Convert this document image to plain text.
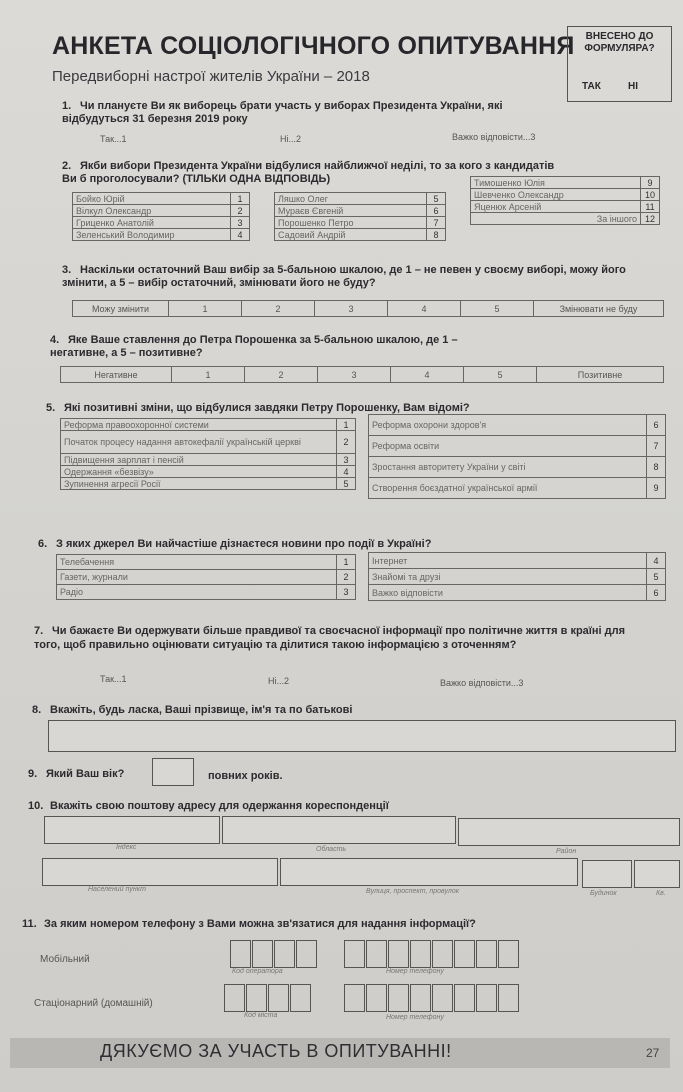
АНКЕТА СОЦІОЛОГІЧНОГО ОПИТУВАННЯ
Передвиборні настрої жителів України – 2018
ВНЕСЕНО ДО ФОРМУЛЯРА?
ТАК	НІ
1. Чи плануєте Ви як виборець брати участь у виборах Президента України, які відбудуться 31 березня 2019 року
Так...1	Ні...2	Важко відповісти...3
2. Якби вибори Президента України відбулися найближчої неділі, то за кого з кандидатів Ви б проголосували? (ТІЛЬКИ ОДНА ВІДПОВІДЬ)
Бойко Юрій	1
Вілкул Олександр	2
Гриценко Анатолій	3
Зеленський Володимир	4
Ляшко Олег	5
Мураєв Євгеній	6
Порошенко Петро	7
Садовий Андрій	8
Тимошенко Юлія	9
Шевченко Олександр	10
Яценюк Арсеній	11
За іншого	12
3. Наскільки остаточний Ваш вибір за 5-бальною шкалою, де 1 – не певен у своєму виборі, можу його змінити, а 5 – вибір остаточний, змінювати його не буду?
Можу змінити	1	2	3	4	5	Змінювати не буду
4. Яке Ваше ставлення до Петра Порошенка за 5-бальною шкалою, де 1 – негативне, а 5 – позитивне?
Негативне	1	2	3	4	5	Позитивне
5. Які позитивні зміни, що відбулися завдяки Петру Порошенку, Вам відомі?
Реформа правоохоронної системи	1
Початок процесу надання автокефалії українській церкві	2
Підвищення зарплат і пенсій	3
Одержання «безвізу»	4
Зупинення агресії Росії	5
Реформа охорони здоров'я	6
Реформа освіти	7
Зростання авторитету України у світі	8
Створення боєздатної української армії	9
6. З яких джерел Ви найчастіше дізнаєтеся новини про події в Україні?
Телебачення	1
Газети, журнали	2
Радіо	3
Інтернет	4
Знайомі та друзі	5
Важко відповісти	6
7. Чи бажаєте Ви одержувати більше правдивої та своєчасної інформації про політичне життя в країні для того, щоб правильно оцінювати ситуацію та ділитися такою інформацією з оточенням?
Так...1	Ні...2	Важко відповісти...3
8. Вкажіть, будь ласка, Ваші прізвище, ім'я та по батькові
9. Який Ваш вік?	повних років.
10. Вкажіть свою поштову адресу для одержання кореспонденції
Індекс	Область	Район
Населений пункт	Вулиця, проспект, провулок	Будинок	Кв.
11. За яким номером телефону з Вами можна зв'язатися для надання інформації?
Мобільний
Код оператора	Номер телефону
Стаціонарний (домашній)
Код міста	Номер телефону
ДЯКУЄМО ЗА УЧАСТЬ В ОПИТУВАННІ!	27
